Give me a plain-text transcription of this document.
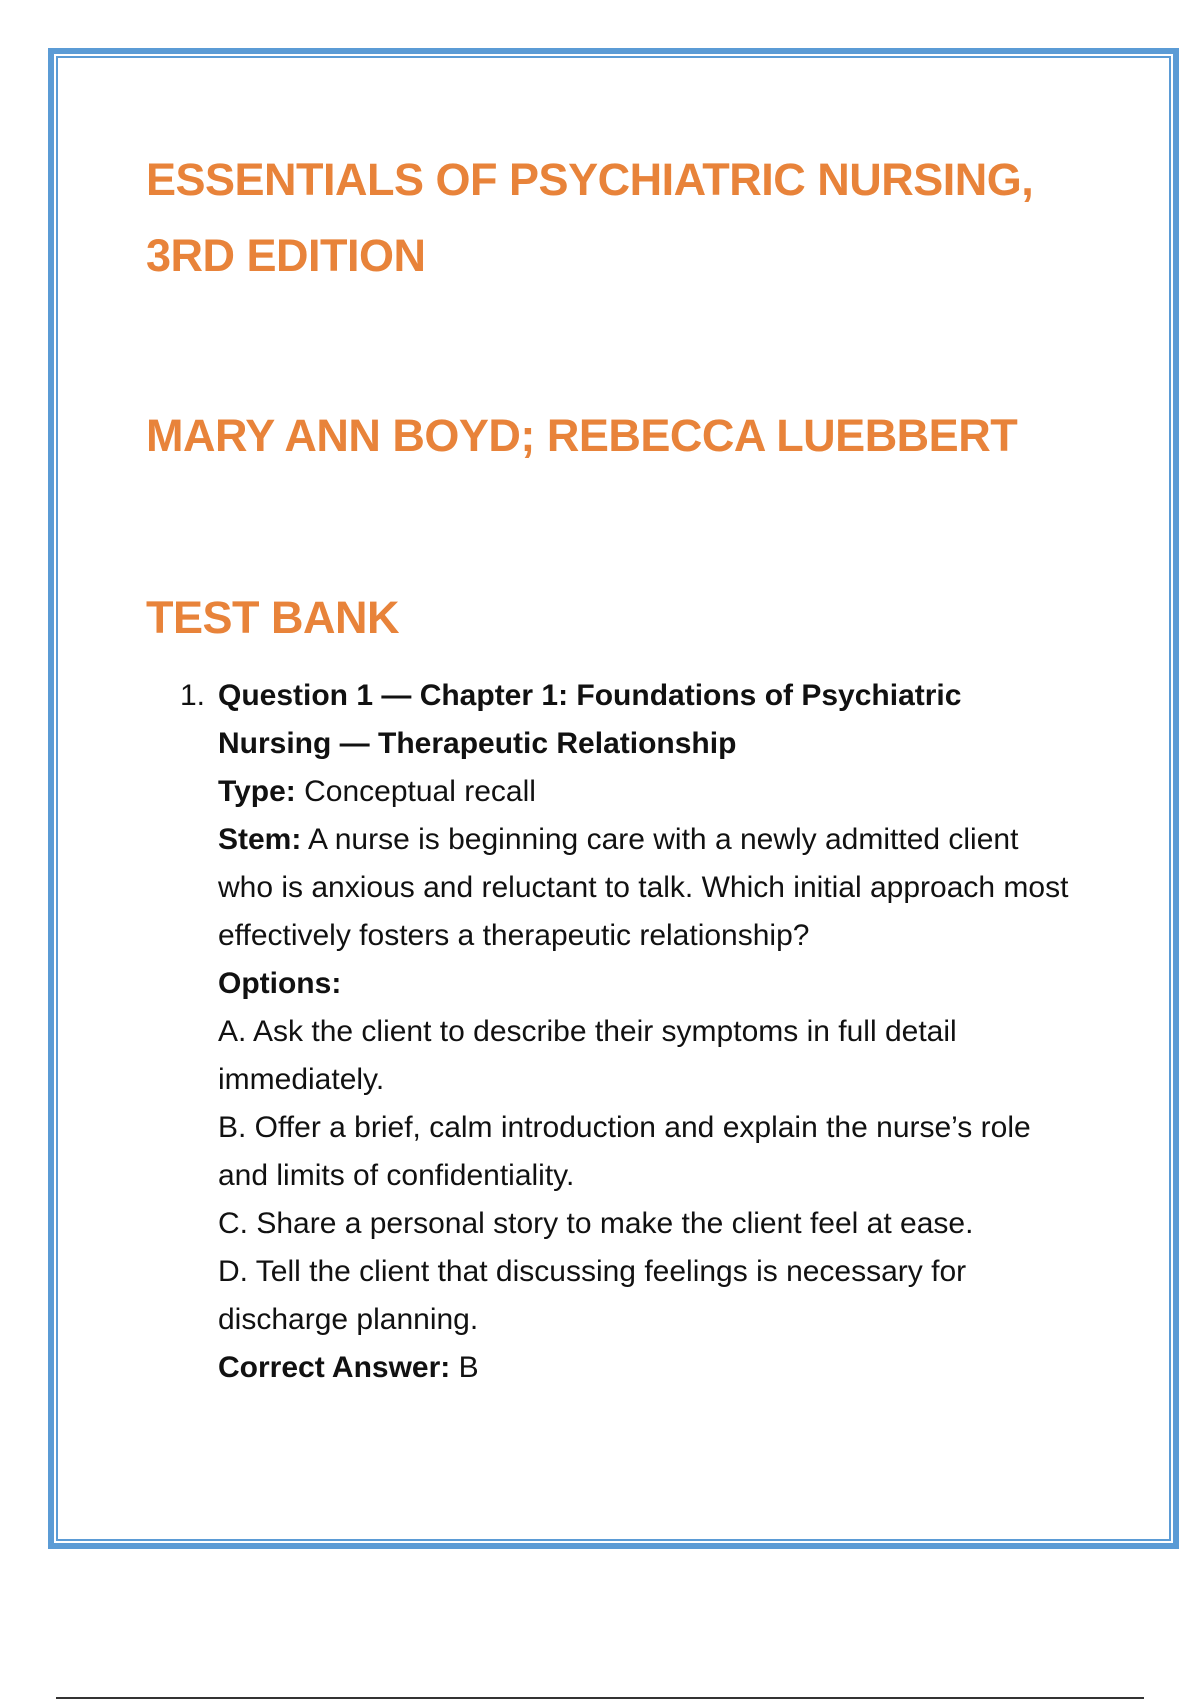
ESSENTIALS OF PSYCHIATRIC NURSING, 3RD EDITION
MARY ANN BOYD; REBECCA LUEBBERT
TEST BANK
1. Question 1 — Chapter 1: Foundations of Psychiatric Nursing — Therapeutic Relationship
Type: Conceptual recall
Stem: A nurse is beginning care with a newly admitted client who is anxious and reluctant to talk. Which initial approach most effectively fosters a therapeutic relationship?
Options:
A. Ask the client to describe their symptoms in full detail immediately.
B. Offer a brief, calm introduction and explain the nurse’s role and limits of confidentiality.
C. Share a personal story to make the client feel at ease.
D. Tell the client that discussing feelings is necessary for discharge planning.
Correct Answer: B
